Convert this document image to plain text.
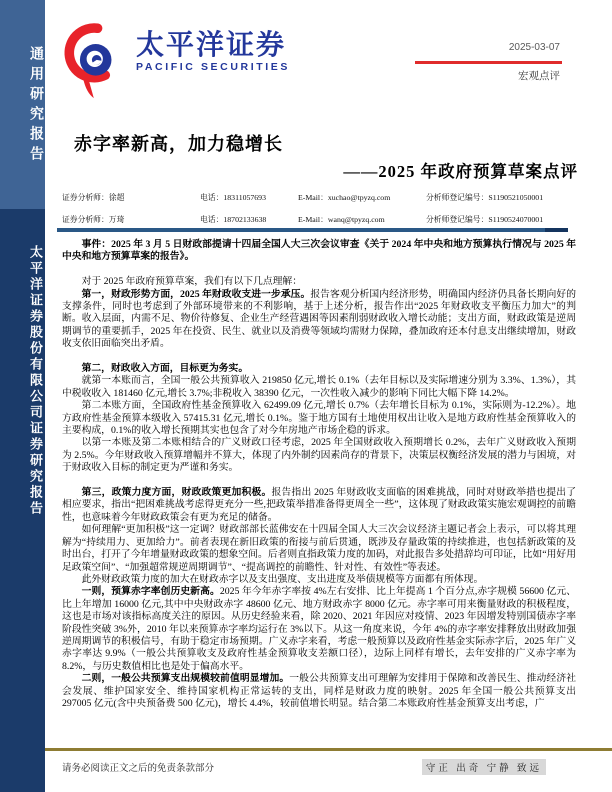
通用研究报告
太平洋证券股份有限公司证券研究报告
太平洋证券
PACIFIC SECURITIES
2025-03-07
宏观点评
赤字率新高，加力稳增长
——2025 年政府预算草案点评
证券分析师：徐超	电话：18311057693	E-Mail：xuchao@tpyzq.com	分析师登记编号：S1190521050001
证券分析师：万琦	电话：18702133638	E-Mail：wanq@tpyzq.com	分析师登记编号：S1190524070001

事件：2025 年 3 月 5 日财政部提请十四届全国人大三次会议审查《关于 2024 年中央和地方预算执行情况与 2025 年中央和地方预算草案的报告》。

对于 2025 年政府预算草案，我们有以下几点理解：

第一，财政形势方面，2025 年财政收支进一步承压。报告客观分析国内经济形势，明确国内经济仍具备长期向好的支撑条件，同时也考虑到了外部环境带来的不利影响，基于上述分析，报告作出“2025 年财政收支平衡压力加大”的判断。收入层面，内需不足、物价待修复、企业生产经营遇困等因素削弱财政收入增长动能；支出方面，财政政策是逆周期调节的重要抓手，2025 年在投资、民生、就业以及消费等领域均需财力保障，叠加政府还本付息支出继续增加，财政收支依旧面临突出矛盾。

第二，财政收入方面，目标更为务实。

就第一本账而言，全国一般公共预算收入 219850 亿元,增长 0.1%（去年目标以及实际增速分别为 3.3%、1.3%），其中税收收入 181460 亿元,增长 3.7%;非税收入 38390 亿元，一次性收入减少的影响下同比大幅下降 14.2%。

第二本账方面，全国政府性基金预算收入 62499.09 亿元,增长 0.7%（去年增长目标为 0.1%，实际则为-12.2%）。地方政府性基金预算本级收入 57415.31 亿元,增长 0.1%。鉴于地方国有土地使用权出让收入是地方政府性基金预算收入的主要构成，0.1%的收入增长预期其实也包含了对今年房地产市场企稳的诉求。

以第一本账及第二本账相结合的广义财政口径考虑，2025 年全国财政收入预期增长 0.2%，去年广义财政收入预期为 2.5%。今年财政收入预算增幅并不算大，体现了内外制约因素尚存的背景下，决策层权衡经济发展的潜力与困境，对于财政收入目标的制定更为严谨和务实。

第三，政策力度方面，财政政策更加积极。报告指出 2025 年财政收支面临的困难挑战，同时对财政举措也提出了相应要求，指出“把困难挑战考虑得更充分一些,把政策举措准备得更周全一些”，这体现了财政政策实施宏观调控的前瞻性，也意味着今年财政政策会有更为充足的储备。

如何理解“更加积极”这一定调？财政部部长蓝佛安在十四届全国人大三次会议经济主题记者会上表示，可以将其理解为“持续用力、更加给力”。前者表现在新旧政策的衔接与前后贯通，既涉及存量政策的持续推进，也包括新政策的及时出台，打开了今年增量财政政策的想象空间。后者则直指政策力度的加码，对此报告多处措辞均可印证，比如“用好用足政策空间”、“加强超常规逆周期调节”、“提高调控的前瞻性、针对性、有效性”等表述。

此外财政政策力度的加大在财政赤字以及支出强度、支出进度及举债规模等方面都有所体现。

一则，预算赤字率创历史新高。2025 年今年赤字率按 4%左右安排、比上年提高 1 个百分点,赤字规模 56600 亿元、比上年增加 16000 亿元,其中中央财政赤字 48600 亿元、地方财政赤字 8000 亿元。赤字率可用来衡量财政的积极程度，这也是市场对该指标高度关注的原因。从历史经验来看，除 2020、2021 年因应对疫情、2023 年因增发特别国债赤字率阶段性突破 3%外，2010 年以来预算赤字率均运行在 3%以下。从这一角度来说，今年 4%的赤字率安排释放出财政加强逆周期调节的积极信号，有助于稳定市场预期。广义赤字来看，考虑一般预算以及政府性基金实际赤字后，2025 年广义赤字率达 9.9%（一般公共预算收支及政府性基金预算收支差额口径），边际上同样有增长，去年安排的广义赤字率为 8.2%，与历史数值相比也是处于偏高水平。

二则，一般公共预算支出规模较前值明显增加。一般公共预算支出可理解为安排用于保障和改善民生、推动经济社会发展、维护国家安全、维持国家机构正常运转的支出，同样是财政力度的映射。2025 年全国一般公共预算支出 297005 亿元(含中央预备费 500 亿元)，增长 4.4%，较前值增长明显。结合第二本账政府性基金预算支出考虑，广

请务必阅读正文之后的免责条款部分	守正 出奇 宁静 致远
